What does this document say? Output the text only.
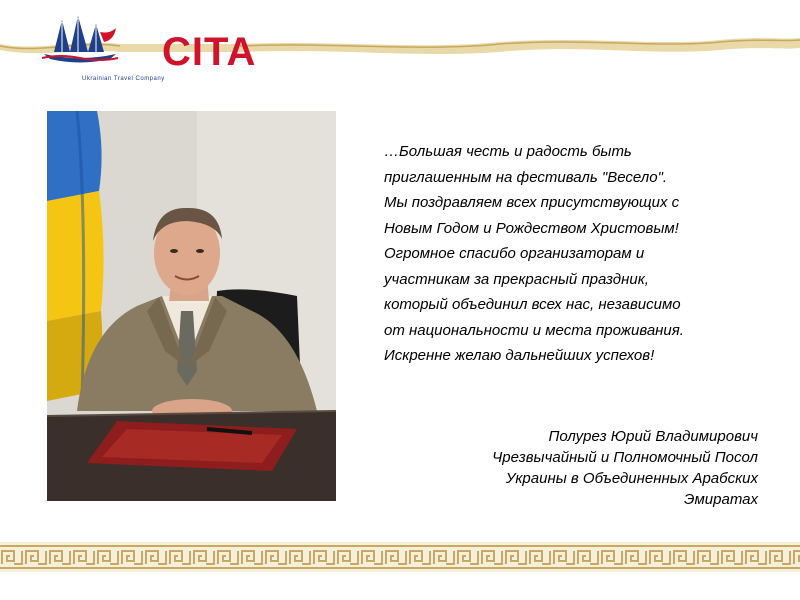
CITA
Ukrainian Travel Company
…Большая честь и радость быть
приглашенным на фестиваль "Весело".
Мы поздравляем всех присутствующих с
Новым Годом и Рождеством Христовым!
Огромное спасибо организаторам и
участникам за прекрасный праздник,
который объединил всех нас, независимо
от национальности и места проживания.
Искренне желаю дальнейших успехов!
Полурез Юрий Владимирович
Чрезвычайный и Полномочный Посол
Украины в Объединенных Арабских
Эмиратах
